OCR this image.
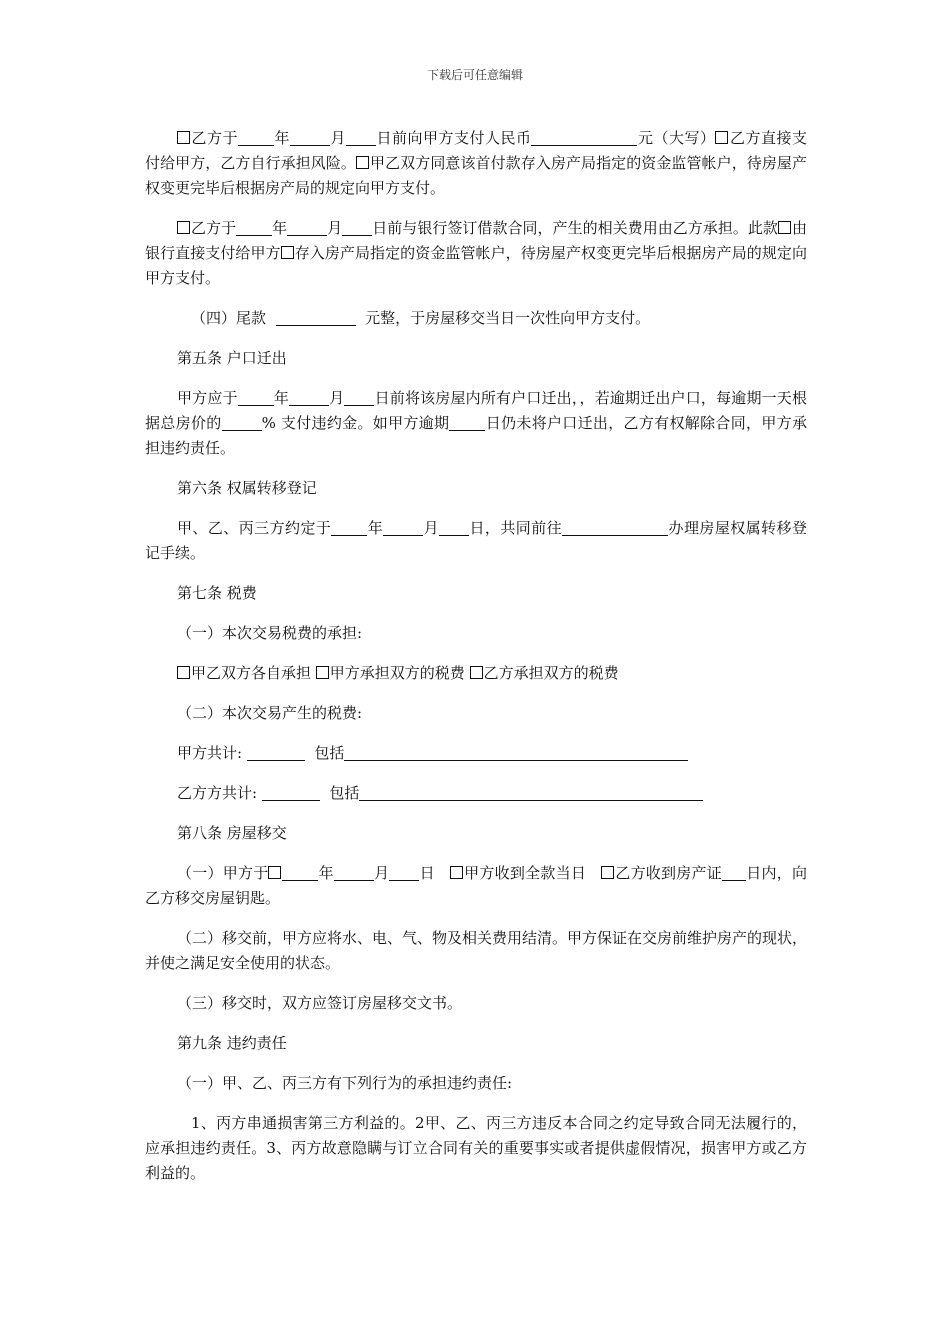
下载后可任意编辑

乙方于 年	月 日前向甲方支付人民币	元（大写） 乙方直接支付给甲方，乙方自行承担风险。 甲乙双方同意该首付款存入房产局指定的资金监管帐户，待房屋产权变更完毕后根据房产局的规定向甲方支付。

乙方于 年	月 日前与银行签订借款合同，产生的相关费用由乙方承担。此款 由银行直接支付给甲方 存入房产局指定的资金监管帐户，待房屋产权变更完毕后根据房产局的规定向甲方支付。

（四）尾款	元整，于房屋移交当日一次性向甲方支付。

第五条 户口迁出

甲方应于 年	月 日前将该房屋内所有户口迁出，，若逾期迁出户口，每逾期一天根据总房价的	% 支付违约金。如甲方逾期 日仍未将户口迁出，乙方有权解除合同，甲方承担违约责任。

第六条 权属转移登记

甲、乙、丙三方约定于 年	月 日，共同前往	办理房屋权属转移登记手续。

第七条 税费

（一）本次交易税费的承担:

甲乙双方各自承担 甲方承担双方的税费 乙方承担双方的税费

（二）本次交易产生的税费:

甲方共计:	包括

乙方方共计:	包括

第八条 房屋移交

（一）甲方于	年	月 日 甲方收到全款当日 乙方收到房产证 日内，向乙方移交房屋钥匙。

（二）移交前，甲方应将水、电、气、物及相关费用结清。甲方保证在交房前维护房产的现状，并使之满足安全使用的状态。

（三）移交时，双方应签订房屋移交文书。

第九条 违约责任

（一）甲、乙、丙三方有下列行为的承担违约责任:

1、丙方串通损害第三方利益的。2甲、乙、丙三方违反本合同之约定导致合同无法履行的，应承担违约责任。3、丙方故意隐瞒与订立合同有关的重要事实或者提供虚假情况，损害甲方或乙方利益的。
